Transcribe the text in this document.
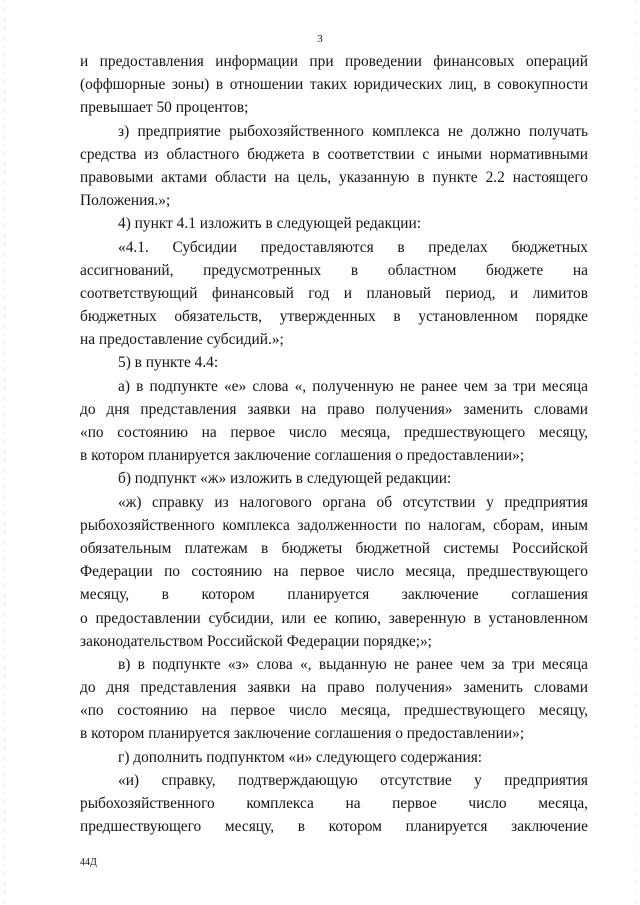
3
и предоставления информации при проведении финансовых операций
(оффшорные зоны) в отношении таких юридических лиц, в совокупности
превышает 50 процентов;
з) предприятие рыбохозяйственного комплекса не должно получать
средства из областного бюджета в соответствии с иными нормативными
правовыми актами области на цель, указанную в пункте 2.2 настоящего
Положения.»;
4) пункт 4.1 изложить в следующей редакции:
«4.1. Субсидии предоставляются в пределах бюджетных
ассигнований, предусмотренных в областном бюджете на
соответствующий финансовый год и плановый период, и лимитов
бюджетных обязательств, утвержденных в установленном порядке
на предоставление субсидий.»;
5) в пункте 4.4:
а) в подпункте «е» слова «, полученную не ранее чем за три месяца
до дня представления заявки на право получения» заменить словами
«по состоянию на первое число месяца, предшествующего месяцу,
в котором планируется заключение соглашения о предоставлении»;
б) подпункт «ж» изложить в следующей редакции:
«ж) справку из налогового органа об отсутствии у предприятия
рыбохозяйственного комплекса задолженности по налогам, сборам, иным
обязательным платежам в бюджеты бюджетной системы Российской
Федерации по состоянию на первое число месяца, предшествующего
месяцу, в котором планируется заключение соглашения
о предоставлении субсидии, или ее копию, заверенную в установленном
законодательством Российской Федерации порядке;»;
в) в подпункте «з» слова «, выданную не ранее чем за три месяца
до дня представления заявки на право получения» заменить словами
«по состоянию на первое число месяца, предшествующего месяцу,
в котором планируется заключение соглашения о предоставлении»;
г) дополнить подпунктом «и» следующего содержания:
«и) справку, подтверждающую отсутствие у предприятия
рыбохозяйственного комплекса на первое число месяца,
предшествующего месяцу, в котором планируется заключение
44Д
